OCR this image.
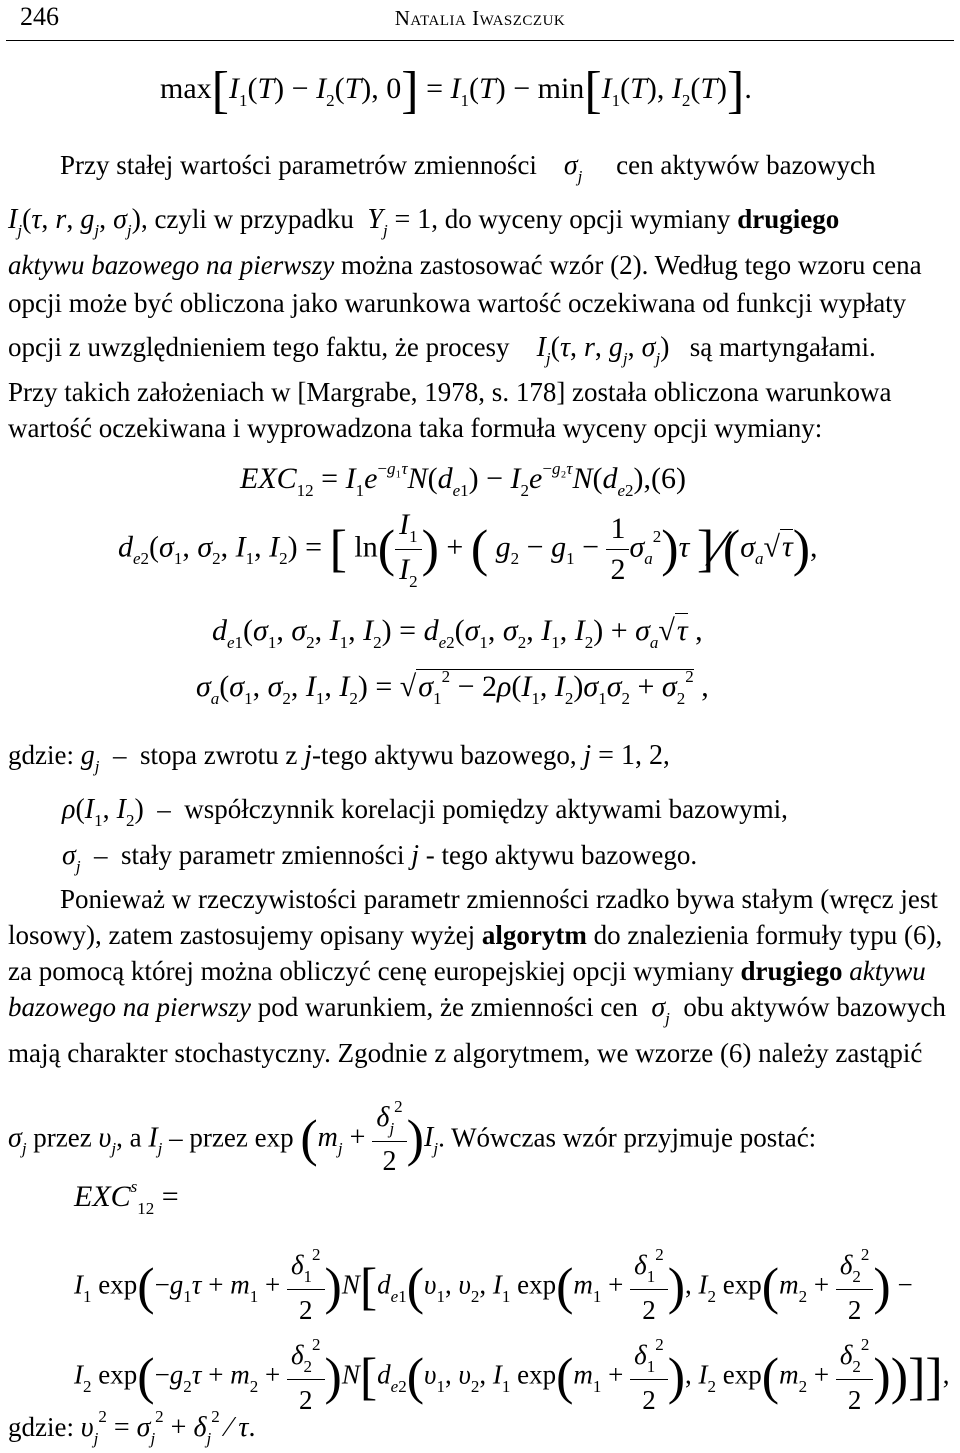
246	Natalia Iwaszczuk
$\max[I_1(T) - I_2(T)$, $0] = I_1(T) - \min[I_1(T)$, $I_2(T)$].
Przy stałej wartości parametrów zmienności $\sigma_j$ cen aktywów bazowych
$I_j(\tau$, r, $g_j$, $\sigma_j$), czyli w przypadku $Y_j = 1$, do wyceny opcji wymiany drugiego
aktywu bazowego na pierwszy można zastosować wzór (2). Według tego wzoru cena
opcji może być obliczona jako warunkowa wartość oczekiwana od funkcji wypłaty
opcji z uwzględnieniem tego faktu, że procesy $I_j(\tau$, r, $g_j$, $\sigma_j$) są martyngałami.
Przy takich założeniach w [Margrabe, 1978, s. 178] została obliczona warunkowa
wartość oczekiwana i wyprowadzona taka formuła wyceny opcji wymiany:
$EXC_{12} = I_1e^{-g_1\tau}N(d_{e1}) - I_2e^{-g_2\tau}N(d_{e2}),(6)$
$d_{e2}(\sigma_1$, $\sigma_2$, $I_1$, $I_2$) = [ $\ln( \frac{I_1}{I_2}$ ) + ( $g_2 - g_1 - \frac{1}{2} \sigma_a^2)\tau$ ]$⁄(\sigma_a√\tau)$,
$d_{e1}(\sigma_1$, $\sigma_2$, $I_1$, $I_2) = d_{e2}(\sigma_1$, $\sigma_2$, $I_1$, $I_2) + \sigma_a√\tau$ ,
$\sigma_a(\sigma_1$, $\sigma_2$, $I_1$, $I_2) = √\sigma_1^2 - 2\rho(I_1$, $I_2)\sigma_1\sigma_2 + \sigma_2^2$ ,
gdzie: $g_j$  –  stopa zwrotu z j-tego aktywu bazowego, j = 1, 2,
$\rho(I_1$, $I_2$)  –  współczynnik korelacji pomiędzy aktywami bazowymi,
$\sigma_j$  –  stały parametr zmienności j - tego aktywu bazowego.
Ponieważ w rzeczywistości parametr zmienności rzadko bywa stałym (wręcz jest
losowy), zatem zastosujemy opisany wyżej algorytm do znalezienia formuły typu (6),
za pomocą której można obliczyć cenę europejskiej opcji wymiany drugiego aktywu
bazowego na pierwszy pod warunkiem, że zmienności cen $\sigma_j$ obu aktywów bazowych
mają charakter stochastyczny. Zgodnie z algorytmem, we wzorze (6) należy zastąpić
$\sigma_j$ przez $\upsilon_j$, a $I_j$ – przez $\exp (m_j + \frac{\delta_j^2}{2} )I_j$. Wówczas wzór przyjmuje postać:
$EXC^s_{12}$ =
$I_1$ $\exp(-g_1\tau + m_1 + \frac{\delta_1^2}{2} )N[d_{e1}(\upsilon_1$, $\upsilon_2$, $I_1$ $\exp(m_1 + \frac{\delta_1^2}{2}$ ), $I_2$ $\exp(m_2 + \frac{\delta_2^2}{2}$ ) −
$I_2$ $\exp(-g_2\tau + m_2 + \frac{\delta_2^2}{2} )N[d_{e2}(\upsilon_1$, $\upsilon_2$, $I_1$ $\exp(m_1 + \frac{\delta_1^2}{2}$ ), $I_2$ $\exp(m_2 + \frac{\delta_2^2}{2}$ ))]],
gdzie: $\upsilon_j^2 = \sigma_j^2 + \delta_j^2$ ⁄ τ.
